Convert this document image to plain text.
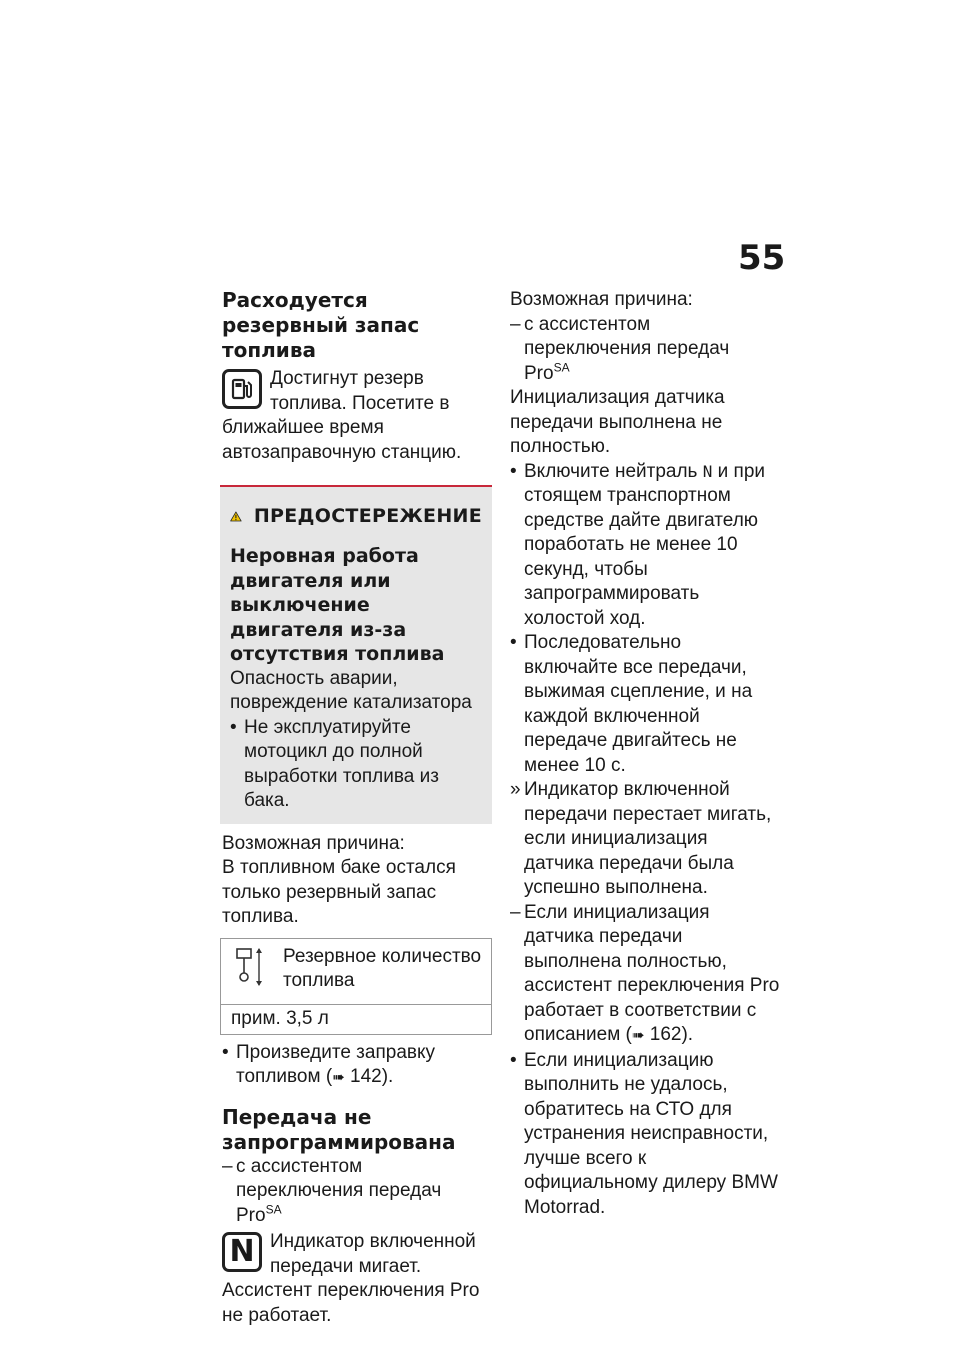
55
Расходуется резервный запас топлива

Достигнут резерв топлива. Посетите в ближайшее время автозаправочную станцию.

ПРЕДОСТЕРЕЖЕНИЕ
Неровная работа двигателя или выключение двигателя из-за отсутствия топлива

Опасность аварии, повреждение катализатора

• Не эксплуатируйте мотоцикл до полной выработки топлива из бака.

Возможная причина:

В топливном баке остался только резервный запас топлива.

Резервное количество топлива
прим. 3,5 л
• Произведите заправку топливом (➠ 142).
Передача не запрограммирована
– с ассистентом переключения передач Pro$^{SA}$
N Индикатор включенной передачи мигает. Ассистент переключения Pro не работает.

Возможная причина:

– с ассистентом переключения передач Pro$^{SA}$

Инициализация датчика передачи выполнена не полностью.

• Включите нейтраль N и при стоящем транспортном средстве дайте двигателю поработать не менее 10 секунд, чтобы запрограммировать холостой ход.
• Последовательно включайте все передачи, выжимая сцепление, и на каждой включенной передаче двигайтесь не менее 10 с.
» Индикатор включенной передачи перестает мигать, если инициализация датчика передачи была успешно выполнена.
– Если инициализация датчика передачи выполнена полностью, ассистент переключения Pro работает в соответствии с описанием (➠ 162).
• Если инициализацию выполнить не удалось, обратитесь на СТО для устранения неисправности, лучше всего к официальному дилеру BMW Motorrad.
